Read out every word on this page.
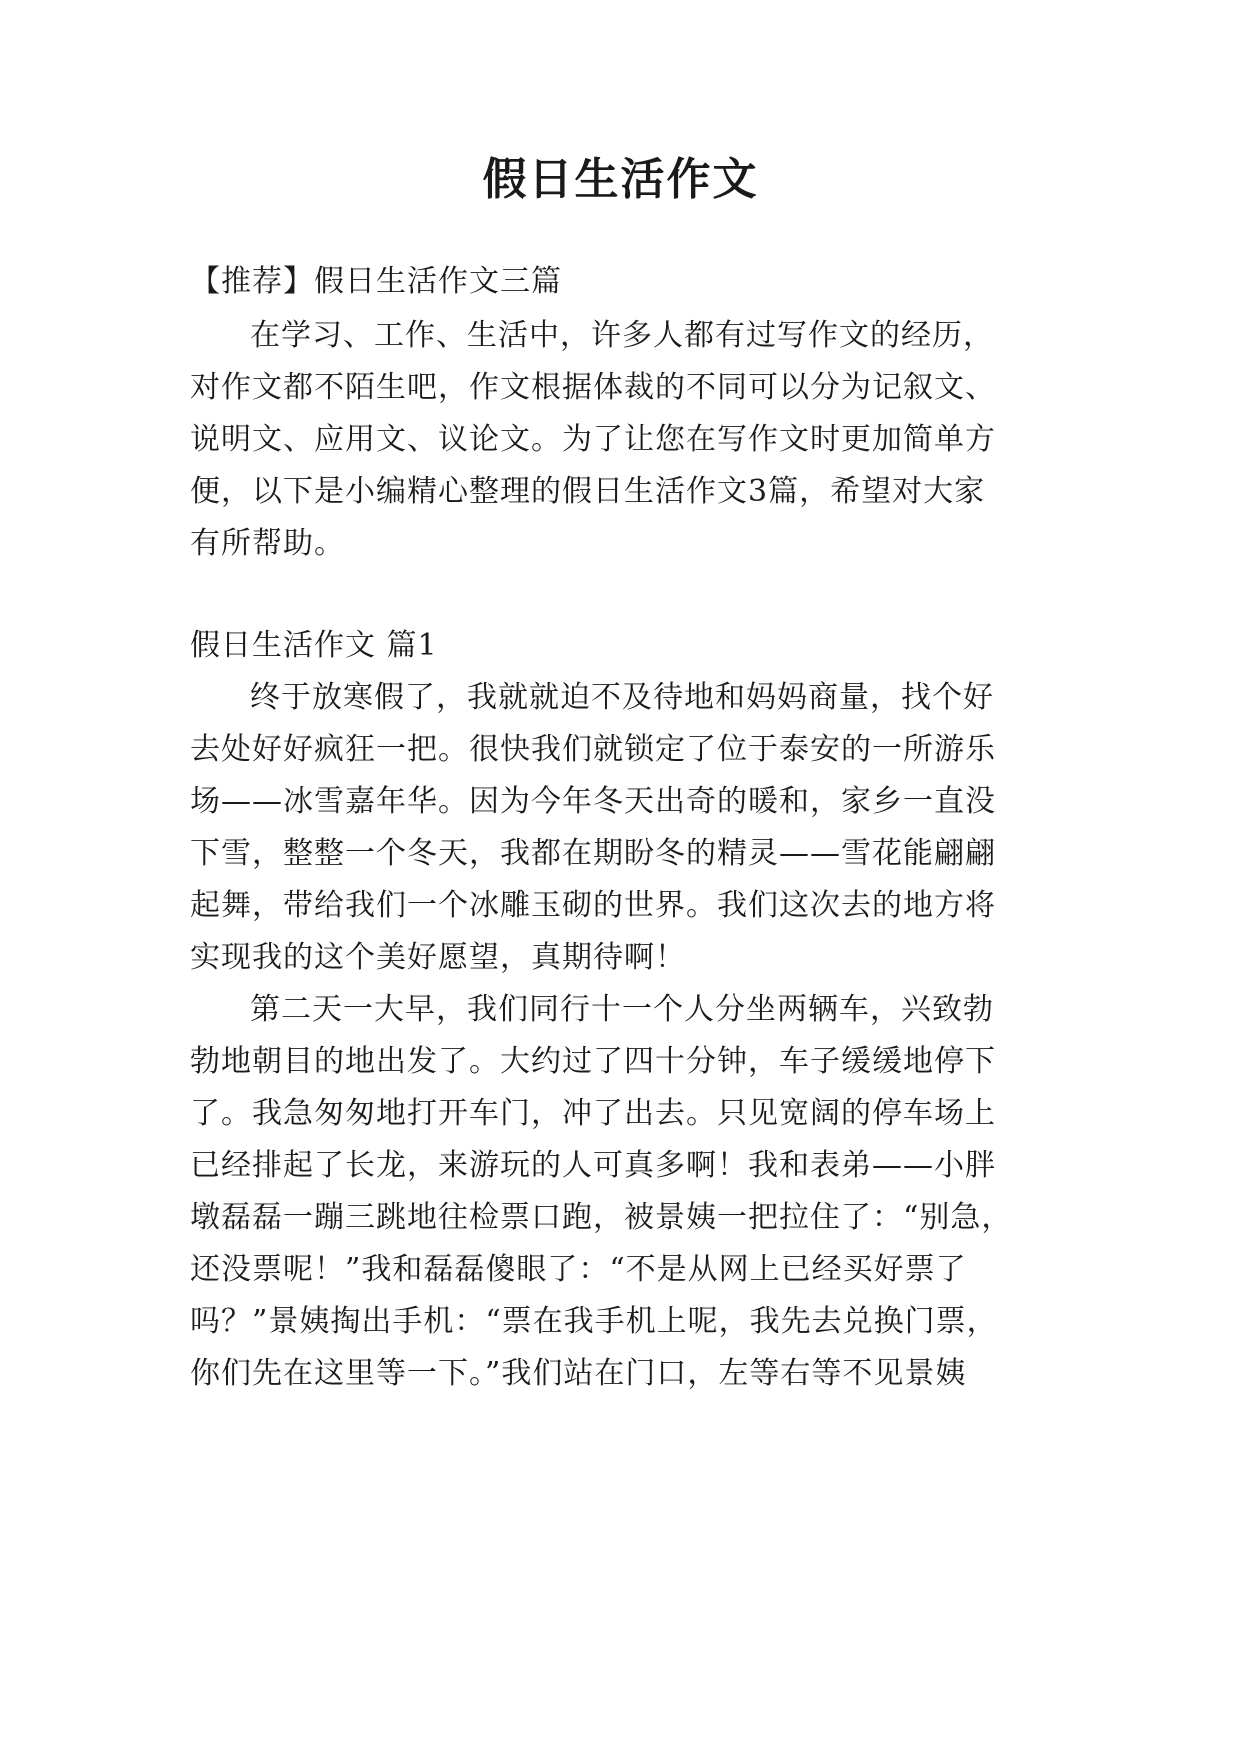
假日生活作文
【推荐】假日生活作文三篇
在学习、工作、生活中，许多人都有过写作文的经历，
对作文都不陌生吧，作文根据体裁的不同可以分为记叙文、
说明文、应用文、议论文。为了让您在写作文时更加简单方
便，以下是小编精心整理的假日生活作文3篇，希望对大家
有所帮助。
假日生活作文 篇1
终于放寒假了，我就就迫不及待地和妈妈商量，找个好
去处好好疯狂一把。很快我们就锁定了位于泰安的一所游乐
场——冰雪嘉年华。因为今年冬天出奇的暖和，家乡一直没
下雪，整整一个冬天，我都在期盼冬的精灵——雪花能翩翩
起舞，带给我们一个冰雕玉砌的世界。我们这次去的地方将
实现我的这个美好愿望，真期待啊！
第二天一大早，我们同行十一个人分坐两辆车，兴致勃
勃地朝目的地出发了。大约过了四十分钟，车子缓缓地停下
了。我急匆匆地打开车门，冲了出去。只见宽阔的停车场上
已经排起了长龙，来游玩的人可真多啊！我和表弟——小胖
墩磊磊一蹦三跳地往检票口跑，被景姨一把拉住了：“别急，
还没票呢！”我和磊磊傻眼了：“不是从网上已经买好票了
吗？”景姨掏出手机：“票在我手机上呢，我先去兑换门票，
你们先在这里等一下。”我们站在门口，左等右等不见景姨
